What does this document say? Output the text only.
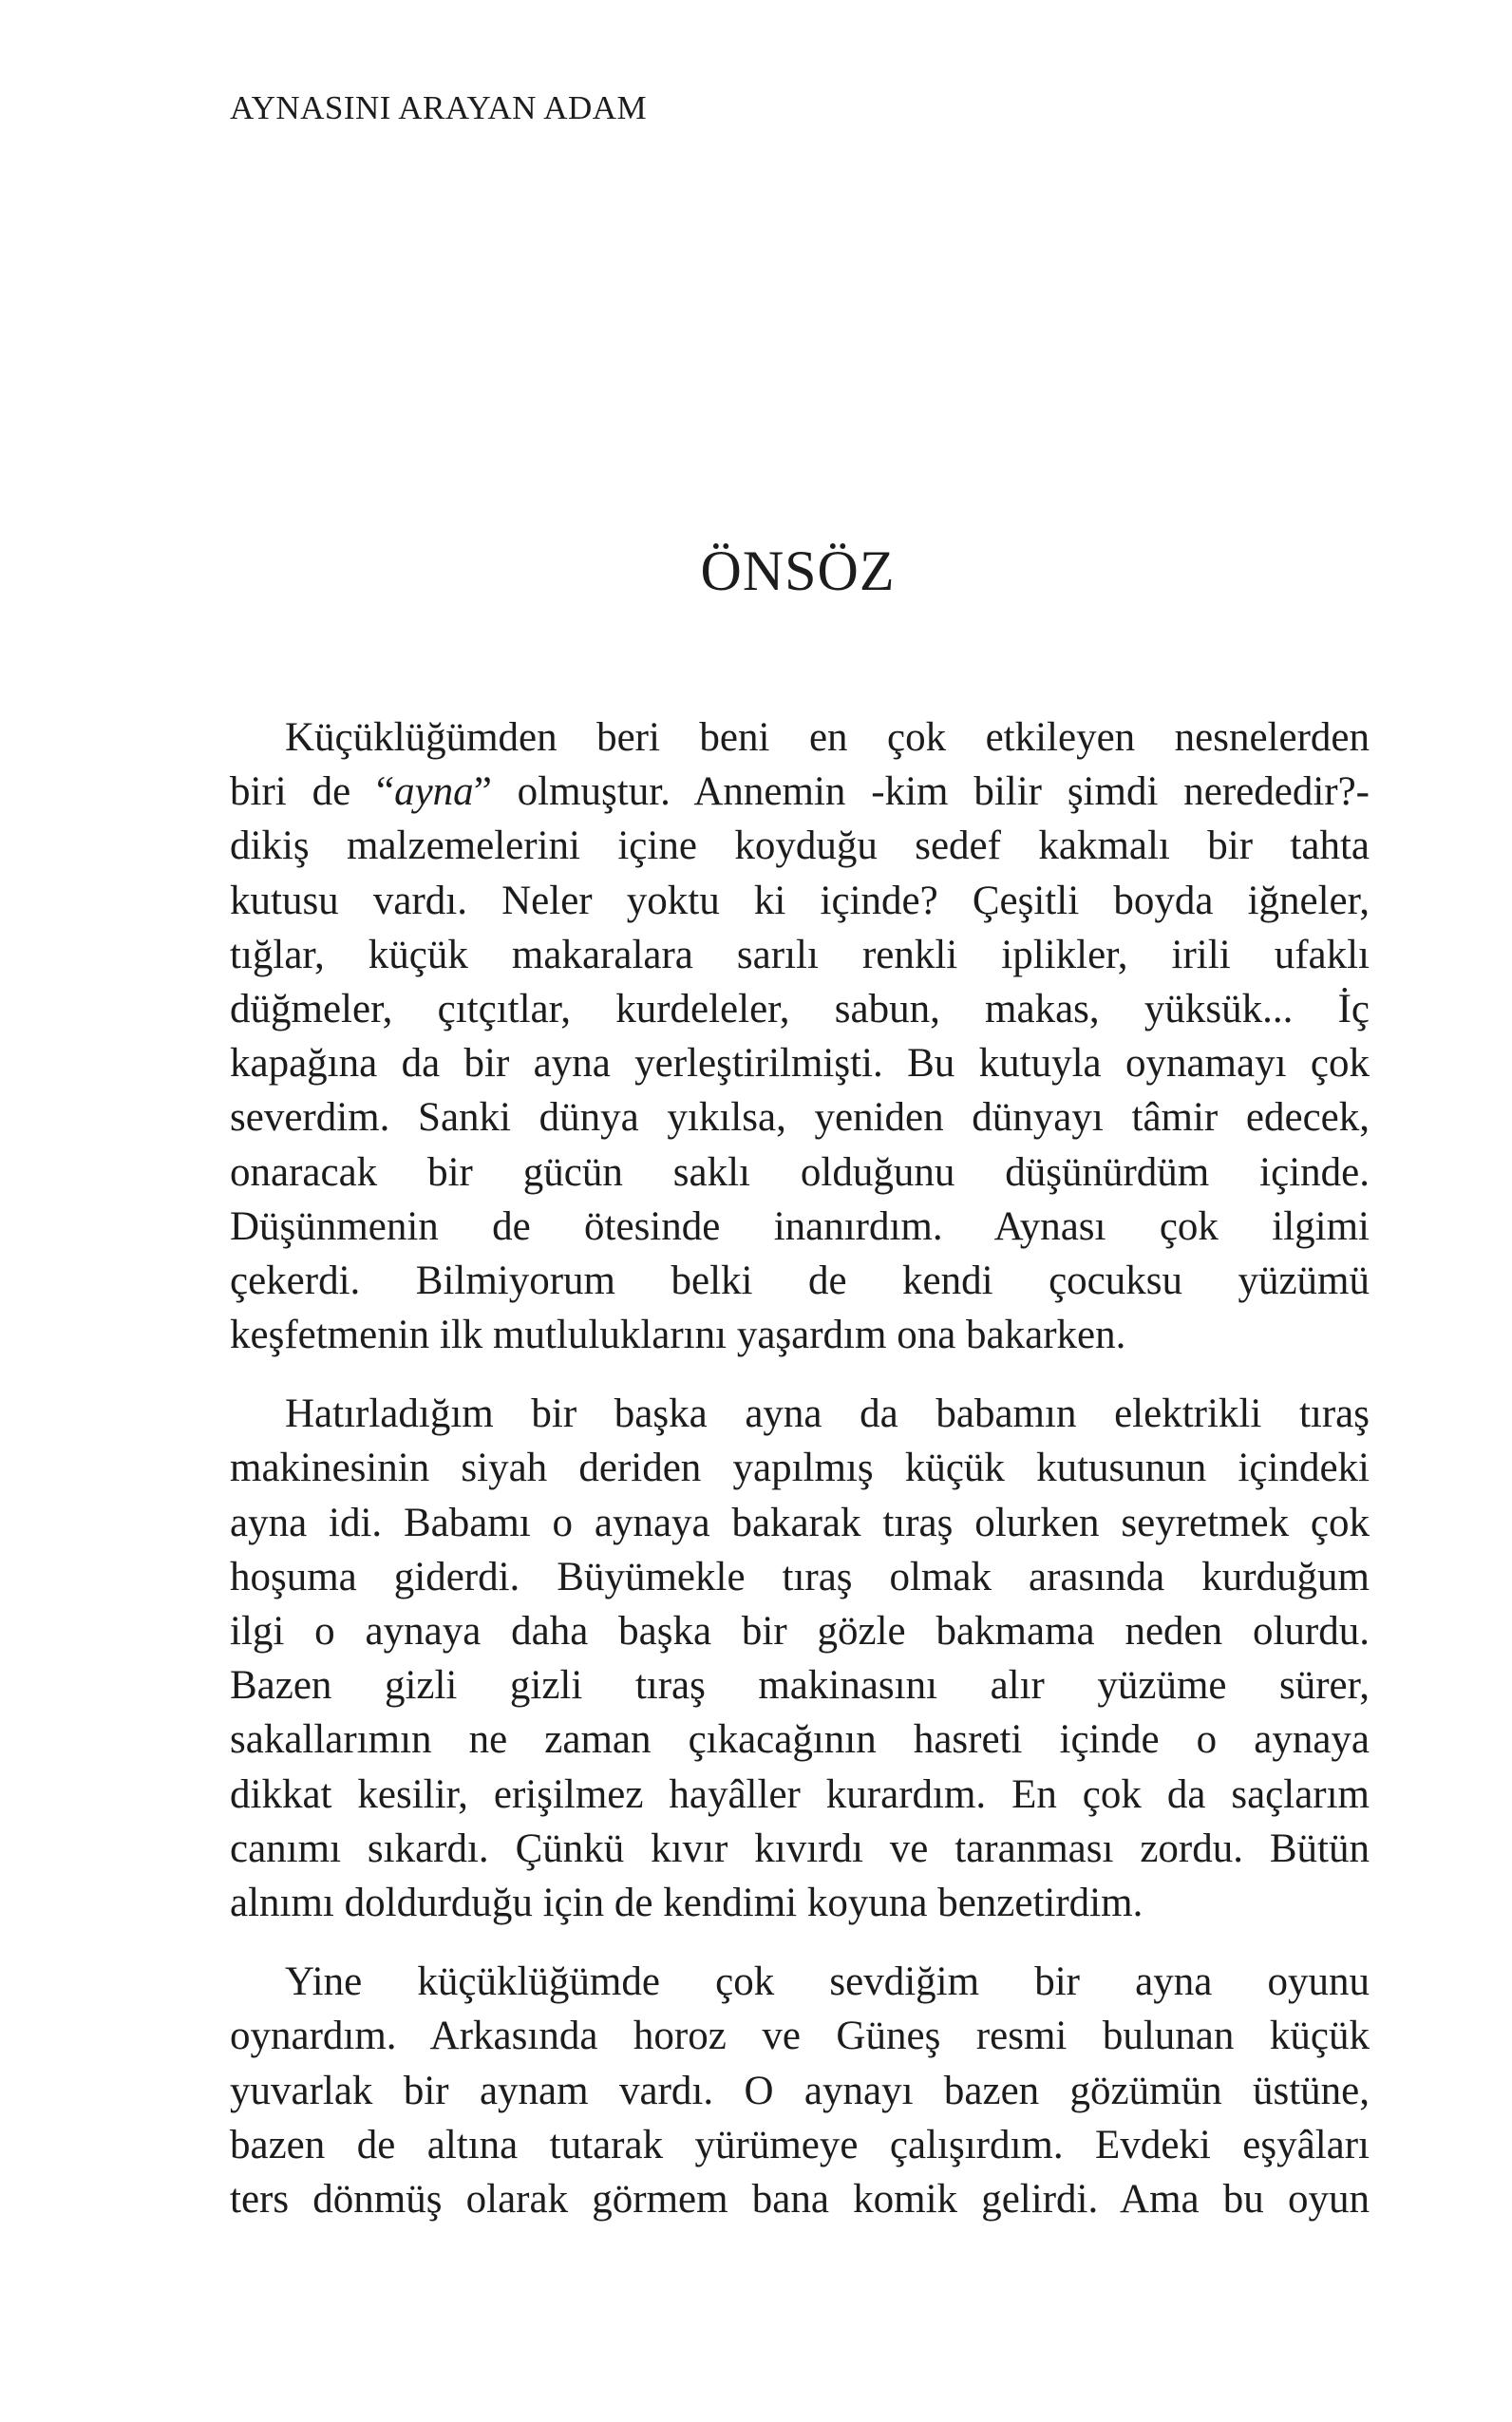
AYNASINI ARAYAN ADAM
ÖNSÖZ
Küçüklüğümden beri beni en çok etkileyen nesnelerden
biri de “ayna” olmuştur. Annemin -kim bilir şimdi nerededir?-
dikiş malzemelerini içine koyduğu sedef kakmalı bir tahta
kutusu vardı. Neler yoktu ki içinde? Çeşitli boyda iğneler,
tığlar, küçük makaralara sarılı renkli iplikler, irili ufaklı
düğmeler, çıtçıtlar, kurdeleler, sabun, makas, yüksük... İç
kapağına da bir ayna yerleştirilmişti. Bu kutuyla oynamayı çok
severdim. Sanki dünya yıkılsa, yeniden dünyayı tâmir edecek,
onaracak bir gücün saklı olduğunu düşünürdüm içinde.
Düşünmenin de ötesinde inanırdım. Aynası çok ilgimi
çekerdi. Bilmiyorum belki de kendi çocuksu yüzümü
keşfetmenin ilk mutluluklarını yaşardım ona bakarken.
Hatırladığım bir başka ayna da babamın elektrikli tıraş
makinesinin siyah deriden yapılmış küçük kutusunun içindeki
ayna idi. Babamı o aynaya bakarak tıraş olurken seyretmek çok
hoşuma giderdi. Büyümekle tıraş olmak arasında kurduğum
ilgi o aynaya daha başka bir gözle bakmama neden olurdu.
Bazen gizli gizli tıraş makinasını alır yüzüme sürer,
sakallarımın ne zaman çıkacağının hasreti içinde o aynaya
dikkat kesilir, erişilmez hayâller kurardım. En çok da saçlarım
canımı sıkardı. Çünkü kıvır kıvırdı ve taranması zordu. Bütün
alnımı doldurduğu için de kendimi koyuna benzetirdim.
Yine küçüklüğümde çok sevdiğim bir ayna oyunu
oynardım. Arkasında horoz ve Güneş resmi bulunan küçük
yuvarlak bir aynam vardı. O aynayı bazen gözümün üstüne,
bazen de altına tutarak yürümeye çalışırdım. Evdeki eşyâları
ters dönmüş olarak görmem bana komik gelirdi. Ama bu oyun
